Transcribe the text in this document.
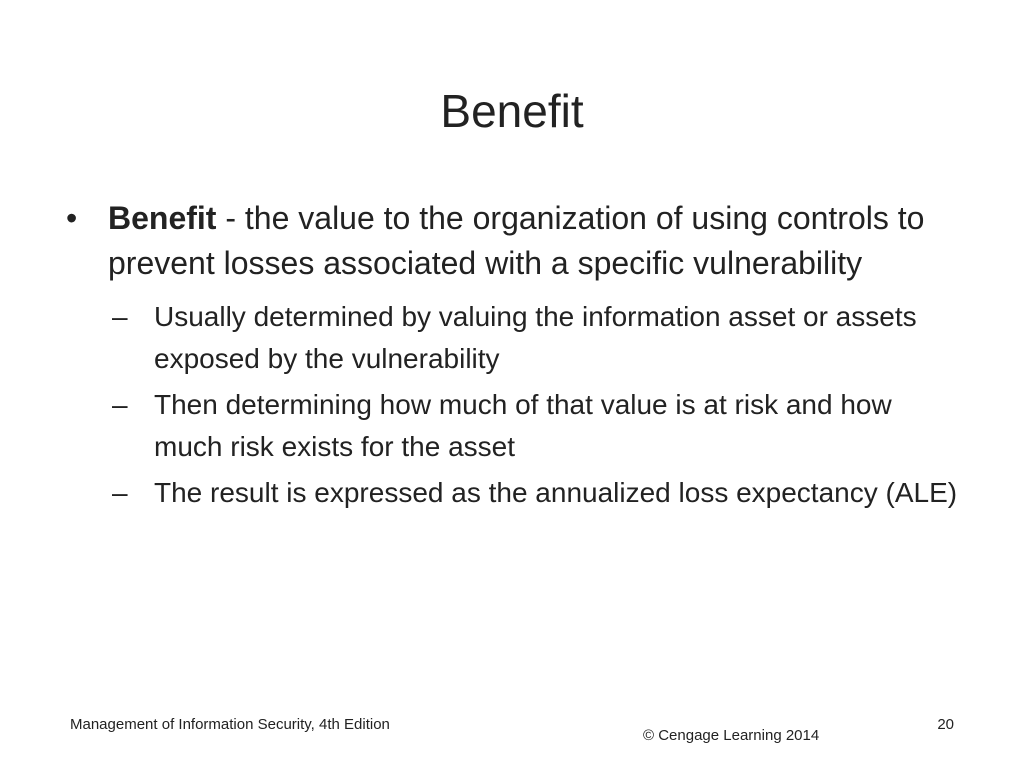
Benefit
• Benefit - the value to the organization of using controls to prevent losses associated with a specific vulnerability
– Usually determined by valuing the information asset or assets exposed by the vulnerability
– Then determining how much of that value is at risk and how much risk exists for the asset
– The result is expressed as the annualized loss expectancy (ALE)
Management of Information Security, 4th Edition
© Cengage Learning 2014
20
